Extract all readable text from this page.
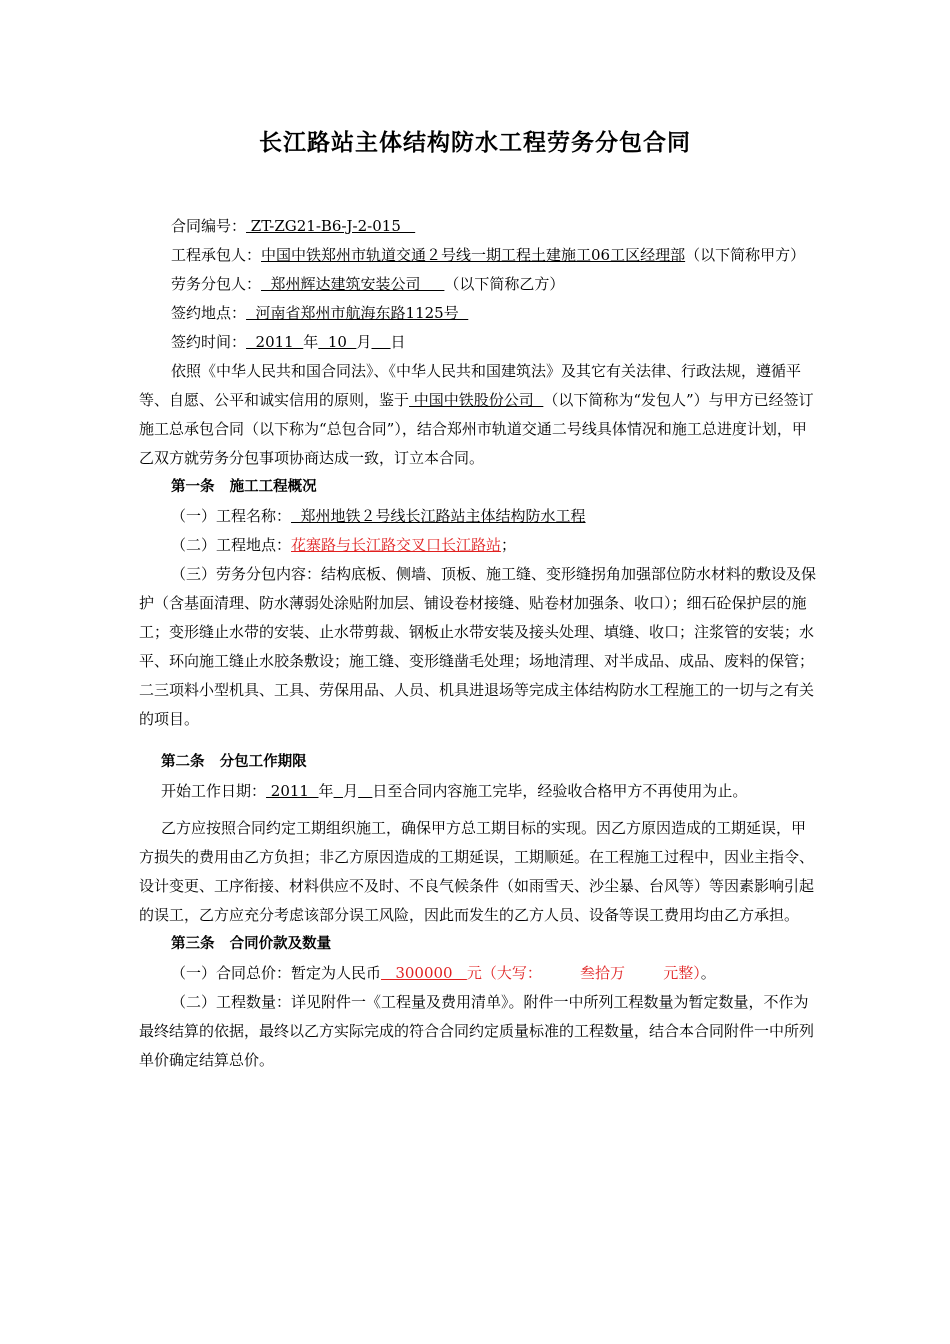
长江路站主体结构防水工程劳务分包合同

合同编号： ZT-ZG21-B6-J-2-015

工程承包人：中国中铁郑州市轨道交通２号线一期工程土建施工06工区经理部（以下简称甲方）

劳务分包人：  郑州辉达建筑安装公司     （以下简称乙方）

签约地点：  河南省郑州市航海东路1125号

签约时间：  2011  年  10  月 日

依照《中华人民共和国合同法》、《中华人民共和国建筑法》及其它有关法律、行政法规，遵循平等、自愿、公平和诚实信用的原则，鉴于 中国中铁股份公司  （以下简称为“发包人”）与甲方已经签订施工总承包合同（以下称为“总包合同”），结合郑州市轨道交通二号线具体情况和施工总进度计划，甲乙双方就劳务分包事项协商达成一致，订立本合同。

第一条   施工工程概况

（一）工程名称：  郑州地铁２号线长江路站主体结构防水工程

（二）工程地点：花寨路与长江路交叉口长江路站；

（三）劳务分包内容：结构底板、侧墙、顶板、施工缝、变形缝拐角加强部位防水材料的敷设及保护（含基面清理、防水薄弱处涂贴附加层、铺设卷材接缝、贴卷材加强条、收口）；细石砼保护层的施工；变形缝止水带的安装、止水带剪裁、钢板止水带安装及接头处理、填缝、收口；注浆管的安装；水平、环向施工缝止水胶条敷设；施工缝、变形缝凿毛处理；场地清理、对半成品、成品、废料的保管；二三项料小型机具、工具、劳保用品、人员、机具进退场等完成主体结构防水工程施工的一切与之有关的项目。

第二条   分包工作期限

开始工作日期： 2011  年 月 日至合同内容施工完毕，经验收合格甲方不再使用为止。

乙方应按照合同约定工期组织施工，确保甲方总工期目标的实现。因乙方原因造成的工期延误，甲方损失的费用由乙方负担；非乙方原因造成的工期延误，工期顺延。在工程施工过程中，因业主指令、设计变更、工序衔接、材料供应不及时、不良气候条件（如雨雪天、沙尘暴、台风等）等因素影响引起的误工，乙方应充分考虑该部分误工风险，因此而发生的乙方人员、设备等误工费用均由乙方承担。

第三条   合同价款及数量

（一）合同总价：暂定为人民币   300000   元（大写：        叁拾万        元整）。

（二）工程数量：详见附件一《工程量及费用清单》。附件一中所列工程数量为暂定数量，不作为最终结算的依据，最终以乙方实际完成的符合合同约定质量标准的工程数量，结合本合同附件一中所列单价确定结算总价。
